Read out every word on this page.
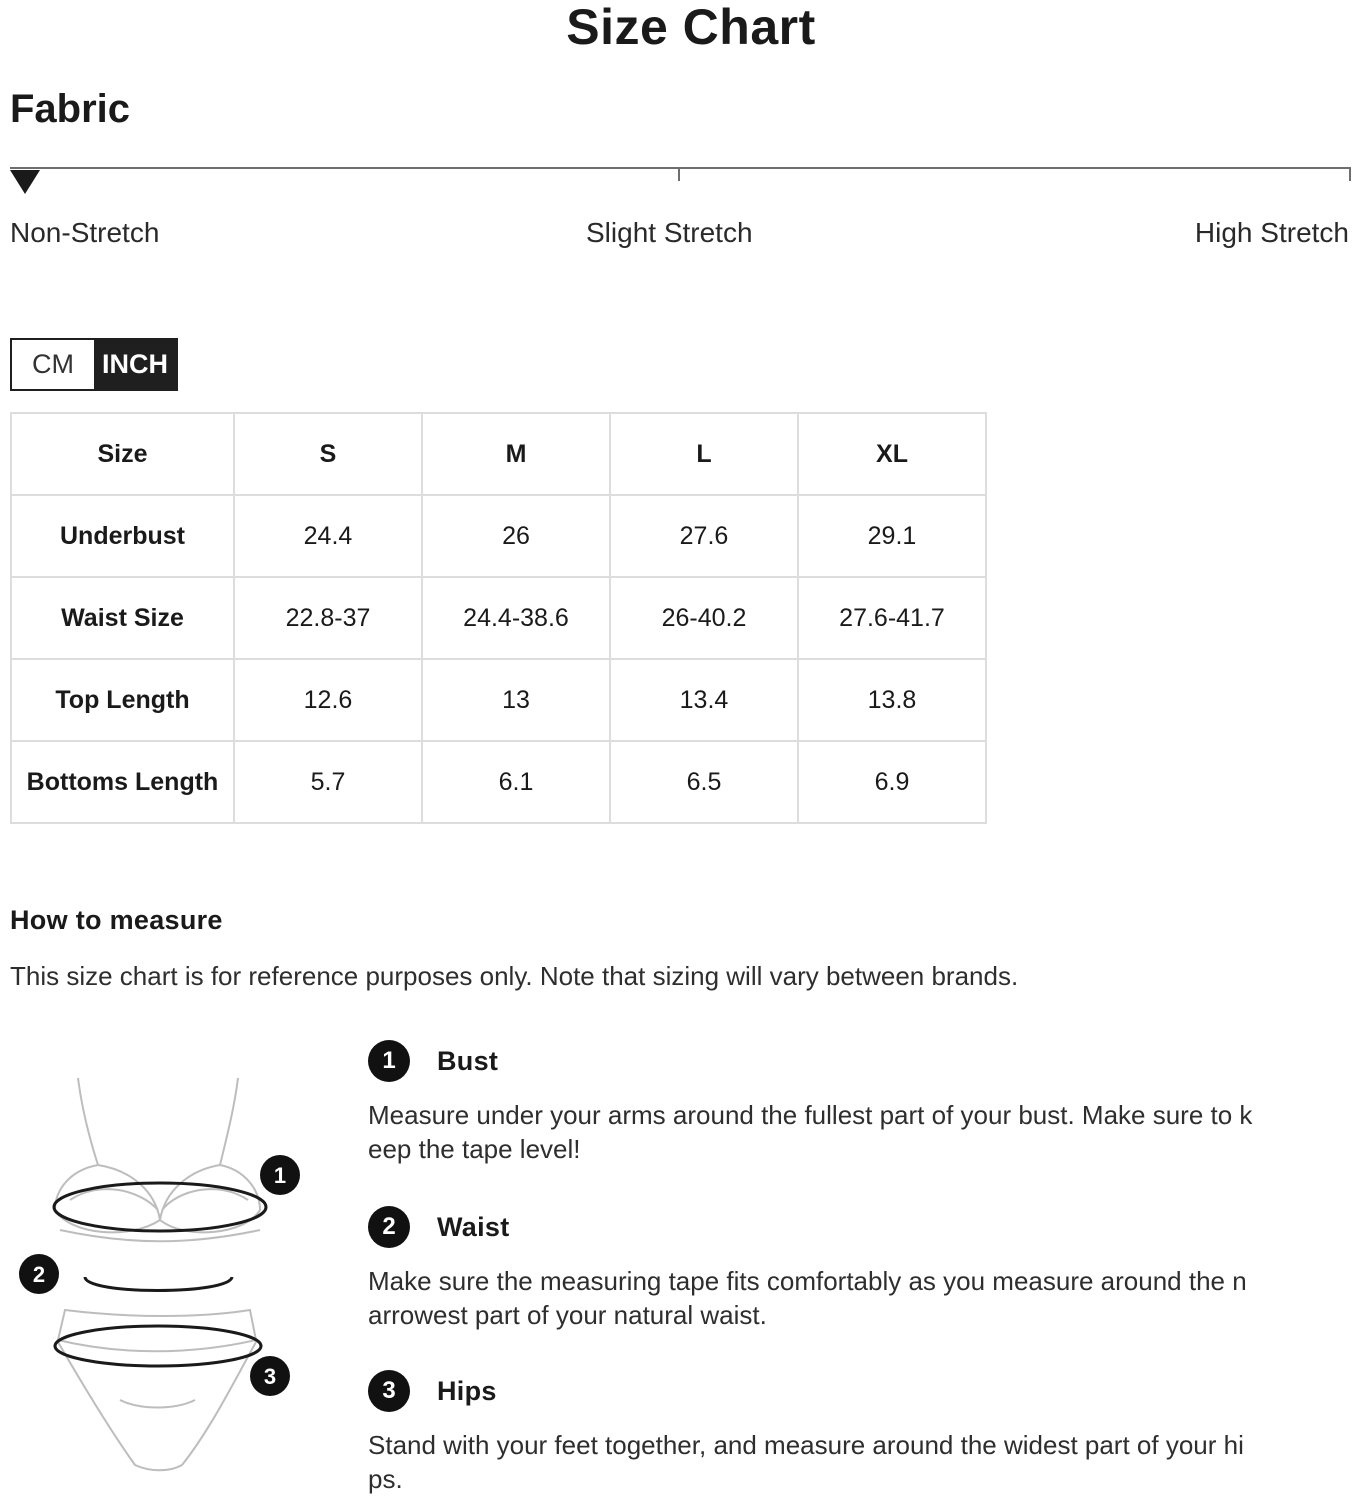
Size Chart
Fabric
Non-Stretch	Slight Stretch	High Stretch
CM	INCH
Size	S	M	L	XL
Underbust	24.4	26	27.6	29.1
Waist Size	22.8-37	24.4-38.6	26-40.2	27.6-41.7
Top Length	12.6	13	13.4	13.8
Bottoms Length	5.7	6.1	6.5	6.9
How to measure
This size chart is for reference purposes only. Note that sizing will vary between brands.
1
2
3
1	Bust
Measure under your arms around the fullest part of your bust. Make sure to keep the tape level!
2	Waist
Make sure the measuring tape fits comfortably as you measure around the narrowest part of your natural waist.
3	Hips
Stand with your feet together, and measure around the widest part of your hips.
